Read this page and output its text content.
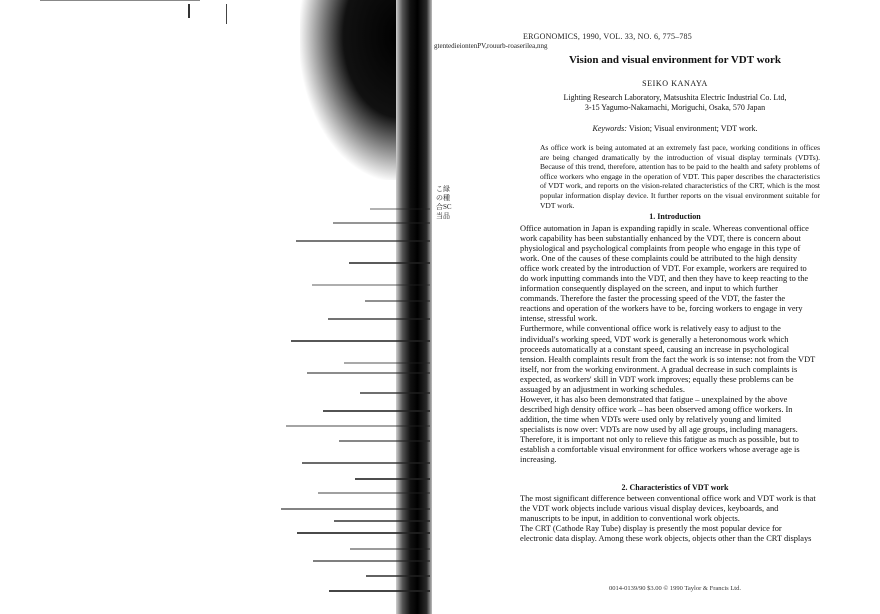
gtentedieiontenPV,rouurb-roaserilea,nng
こ緑の種合SC当品
ERGONOMICS, 1990, VOL. 33, NO. 6, 775–785
Vision and visual environment for VDT work
SEIKO KANAYA
Lighting Research Laboratory, Matsushita Electric Industrial Co. Ltd,
3-15 Yagumo-Nakamachi, Moriguchi, Osaka, 570 Japan
Keywords: Vision; Visual environment; VDT work.
As office work is being automated at an extremely fast pace, working conditions in offices are being changed dramatically by the introduction of visual display terminals (VDTs). Because of this trend, therefore, attention has to be paid to the health and safety problems of office workers who engage in the operation of VDT. This paper describes the characteristics of VDT work, and reports on the vision-related characteristics of the CRT, which is the most popular information display device. It further reports on the visual environment suitable for VDT work.
1. Introduction
Office automation in Japan is expanding rapidly in scale. Whereas conventional office
work capability has been substantially enhanced by the VDT, there is concern about
physiological and psychological complaints from people who engage in this type of
work. One of the causes of these complaints could be attributed to the high density
office work created by the introduction of VDT. For example, workers are required to
do work inputting commands into the VDT, and then they have to keep reacting to the
information consequently displayed on the screen, and input to which further
commands. Therefore the faster the processing speed of the VDT, the faster the
reactions and operation of the workers have to be, forcing workers to engage in very
intense, stressful work.
Furthermore, while conventional office work is relatively easy to adjust to the
individual's working speed, VDT work is generally a heteronomous work which
proceeds automatically at a constant speed, causing an increase in psychological
tension. Health complaints result from the fact the work is so intense: not from the VDT
itself, nor from the working environment. A gradual decrease in such complaints is
expected, as workers' skill in VDT work improves; equally these problems can be
assuaged by an adjustment in working schedules.
However, it has also been demonstrated that fatigue – unexplained by the above
described high density office work – has been observed among office workers. In
addition, the time when VDTs were used only by relatively young and limited
specialists is now over: VDTs are now used by all age groups, including managers.
Therefore, it is important not only to relieve this fatigue as much as possible, but to
establish a comfortable visual environment for office workers whose average age is
increasing.
2. Characteristics of VDT work
The most significant difference between conventional office work and VDT work is that
the VDT work objects include various visual display devices, keyboards, and
manuscripts to be input, in addition to conventional work objects.
The CRT (Cathode Ray Tube) display is presently the most popular device for
electronic data display. Among these work objects, objects other than the CRT displays
0014-0139/90 $3.00 © 1990 Taylor & Francis Ltd.
